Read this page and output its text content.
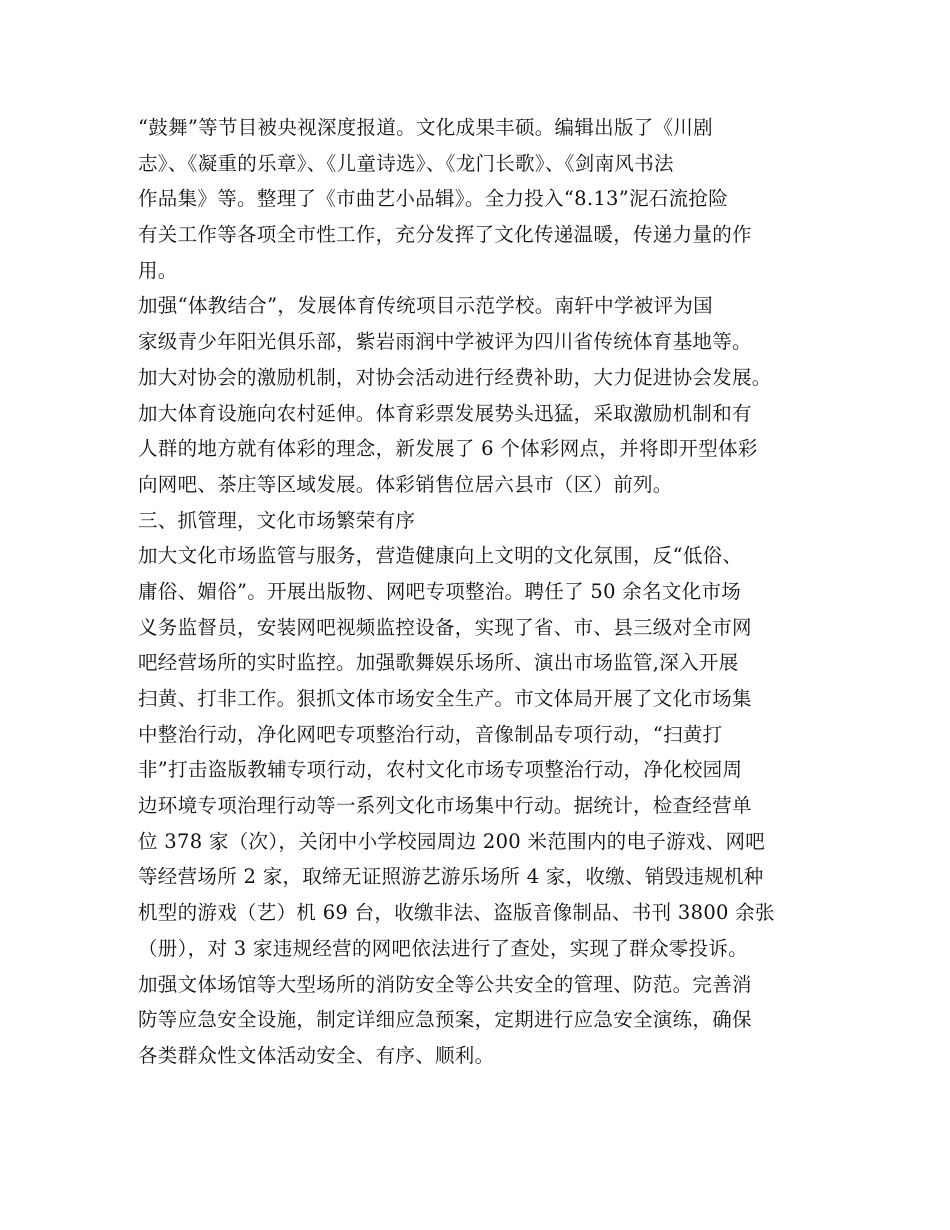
“鼓舞”等节目被央视深度报道。文化成果丰硕。编辑出版了《川剧
志》、《凝重的乐章》、《儿童诗选》、《龙门长歌》、《剑南风书法
作品集》等。整理了《市曲艺小品辑》。全力投入“8.13”泥石流抢险
有关工作等各项全市性工作，充分发挥了文化传递温暖，传递力量的作
用。
加强“体教结合”，发展体育传统项目示范学校。南轩中学被评为国
家级青少年阳光俱乐部，紫岩雨润中学被评为四川省传统体育基地等。
加大对协会的激励机制，对协会活动进行经费补助，大力促进协会发展。
加大体育设施向农村延伸。体育彩票发展势头迅猛，采取激励机制和有
人群的地方就有体彩的理念，新发展了 6 个体彩网点，并将即开型体彩
向网吧、茶庄等区域发展。体彩销售位居六县市（区）前列。
三、抓管理，文化市场繁荣有序
加大文化市场监管与服务，营造健康向上文明的文化氛围，反“低俗、
庸俗、媚俗”。开展出版物、网吧专项整治。聘任了 50 余名文化市场
义务监督员，安装网吧视频监控设备，实现了省、市、县三级对全市网
吧经营场所的实时监控。加强歌舞娱乐场所、演出市场监管,深入开展
扫黄、打非工作。狠抓文体市场安全生产。市文体局开展了文化市场集
中整治行动，净化网吧专项整治行动，音像制品专项行动，“扫黄打
非”打击盗版教辅专项行动，农村文化市场专项整治行动，净化校园周
边环境专项治理行动等一系列文化市场集中行动。据统计，检查经营单
位 378 家（次），关闭中小学校园周边 200 米范围内的电子游戏、网吧
等经营场所 2 家，取缔无证照游艺游乐场所 4 家，收缴、销毁违规机种
机型的游戏（艺）机 69 台，收缴非法、盗版音像制品、书刊 3800 余张
（册），对 3 家违规经营的网吧依法进行了查处，实现了群众零投诉。
加强文体场馆等大型场所的消防安全等公共安全的管理、防范。完善消
防等应急安全设施，制定详细应急预案，定期进行应急安全演练，确保
各类群众性文体活动安全、有序、顺利。
